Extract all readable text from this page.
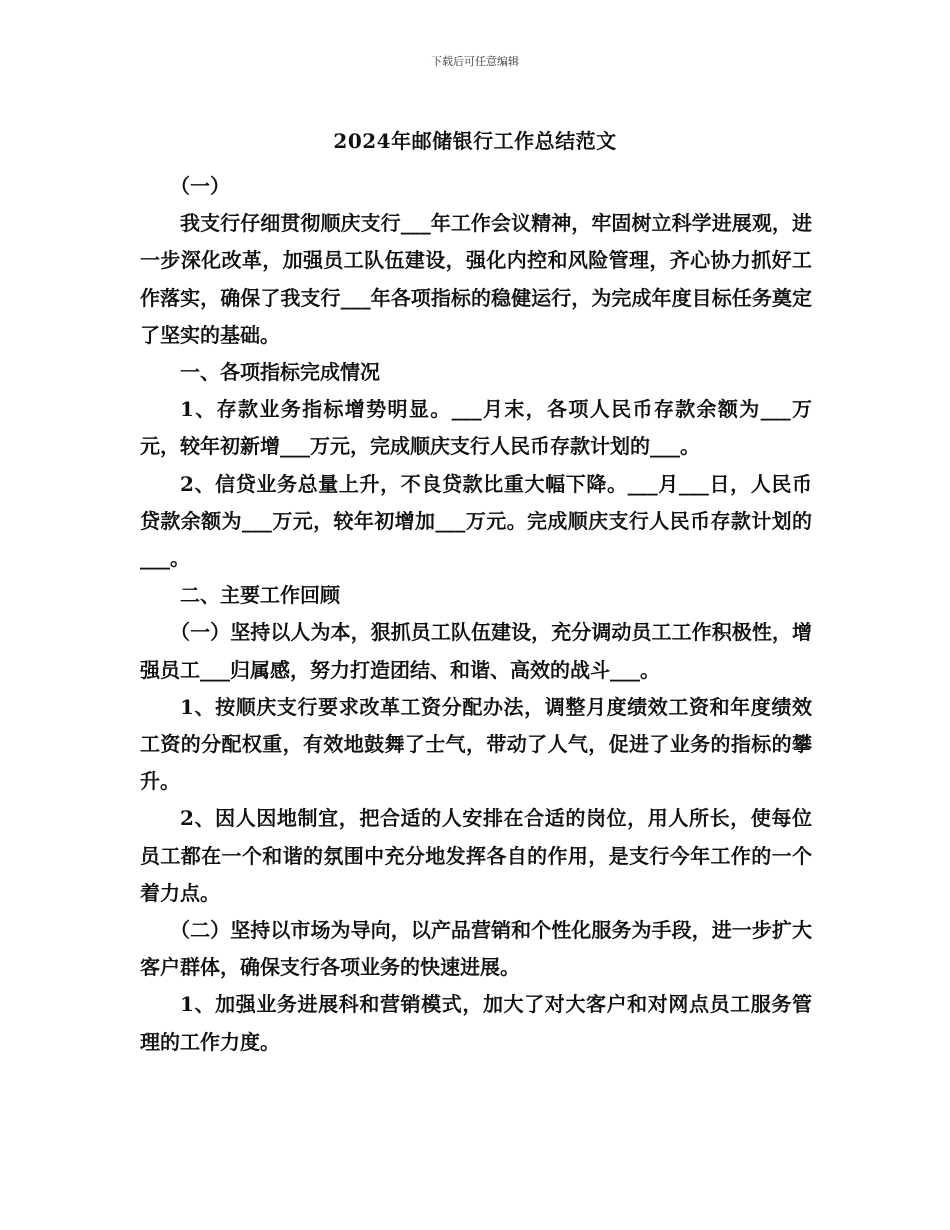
下载后可任意编辑
2024年邮储银行工作总结范文

（一）

我支行仔细贯彻顺庆支行___年工作会议精神，牢固树立科学进展观，进一步深化改革，加强员工队伍建设，强化内控和风险管理，齐心协力抓好工作落实，确保了我支行___年各项指标的稳健运行，为完成年度目标任务奠定了坚实的基础。

一、各项指标完成情况

1、存款业务指标增势明显。___月末，各项人民币存款余额为___万元，较年初新增___万元，完成顺庆支行人民币存款计划的___。

2、信贷业务总量上升，不良贷款比重大幅下降。___月___日，人民币贷款余额为___万元，较年初增加___万元。完成顺庆支行人民币存款计划的___。

二、主要工作回顾

（一）坚持以人为本，狠抓员工队伍建设，充分调动员工工作积极性，增强员工___归属感，努力打造团结、和谐、高效的战斗___。

1、按顺庆支行要求改革工资分配办法，调整月度绩效工资和年度绩效工资的分配权重，有效地鼓舞了士气，带动了人气，促进了业务的指标的攀升。

2、因人因地制宜，把合适的人安排在合适的岗位，用人所长，使每位员工都在一个和谐的氛围中充分地发挥各自的作用，是支行今年工作的一个着力点。

（二）坚持以市场为导向，以产品营销和个性化服务为手段，进一步扩大客户群体，确保支行各项业务的快速进展。

1、加强业务进展科和营销模式，加大了对大客户和对网点员工服务管理的工作力度。
